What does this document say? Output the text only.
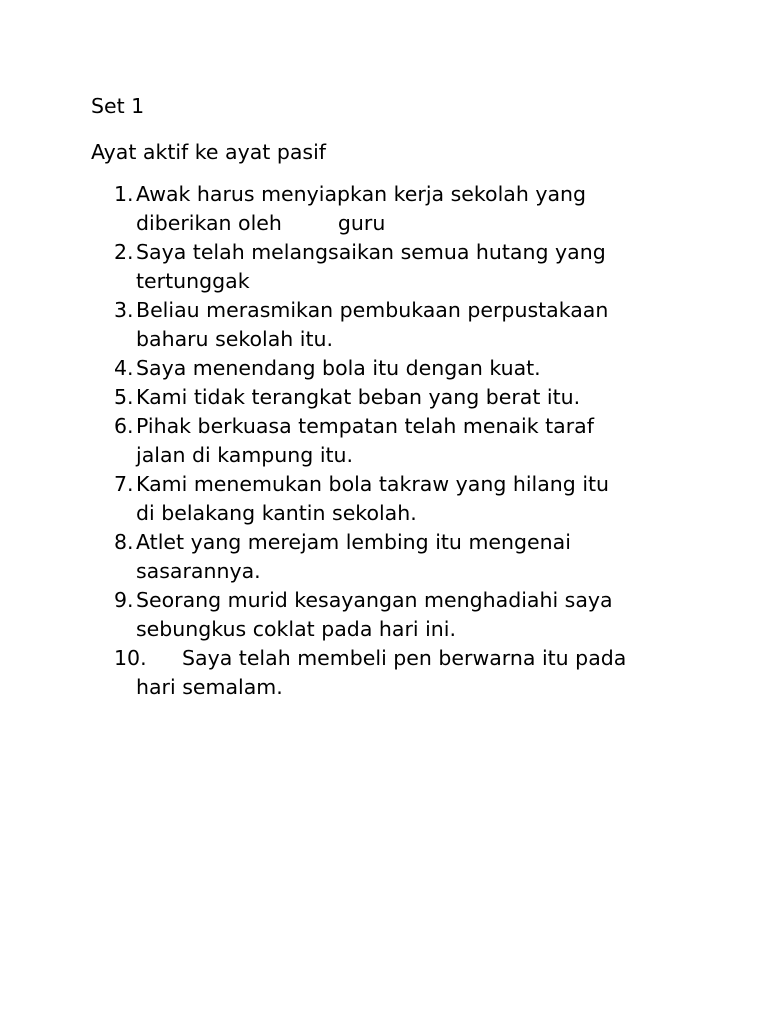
Set 1
Ayat aktif ke ayat pasif
1. Awak harus menyiapkan kerja sekolah yang
diberikan oleh	guru
2. Saya telah melangsaikan semua hutang yang
tertunggak
3. Beliau merasmikan pembukaan perpustakaan
baharu sekolah itu.
4. Saya menendang bola itu dengan kuat.
5. Kami tidak terangkat beban yang berat itu.
6. Pihak berkuasa tempatan telah menaik taraf
jalan di kampung itu.
7. Kami menemukan bola takraw yang hilang itu
di belakang kantin sekolah.
8. Atlet yang merejam lembing itu mengenai
sasarannya.
9. Seorang murid kesayangan menghadiahi saya
sebungkus coklat pada hari ini.
10.	Saya telah membeli pen berwarna itu pada
hari semalam.
